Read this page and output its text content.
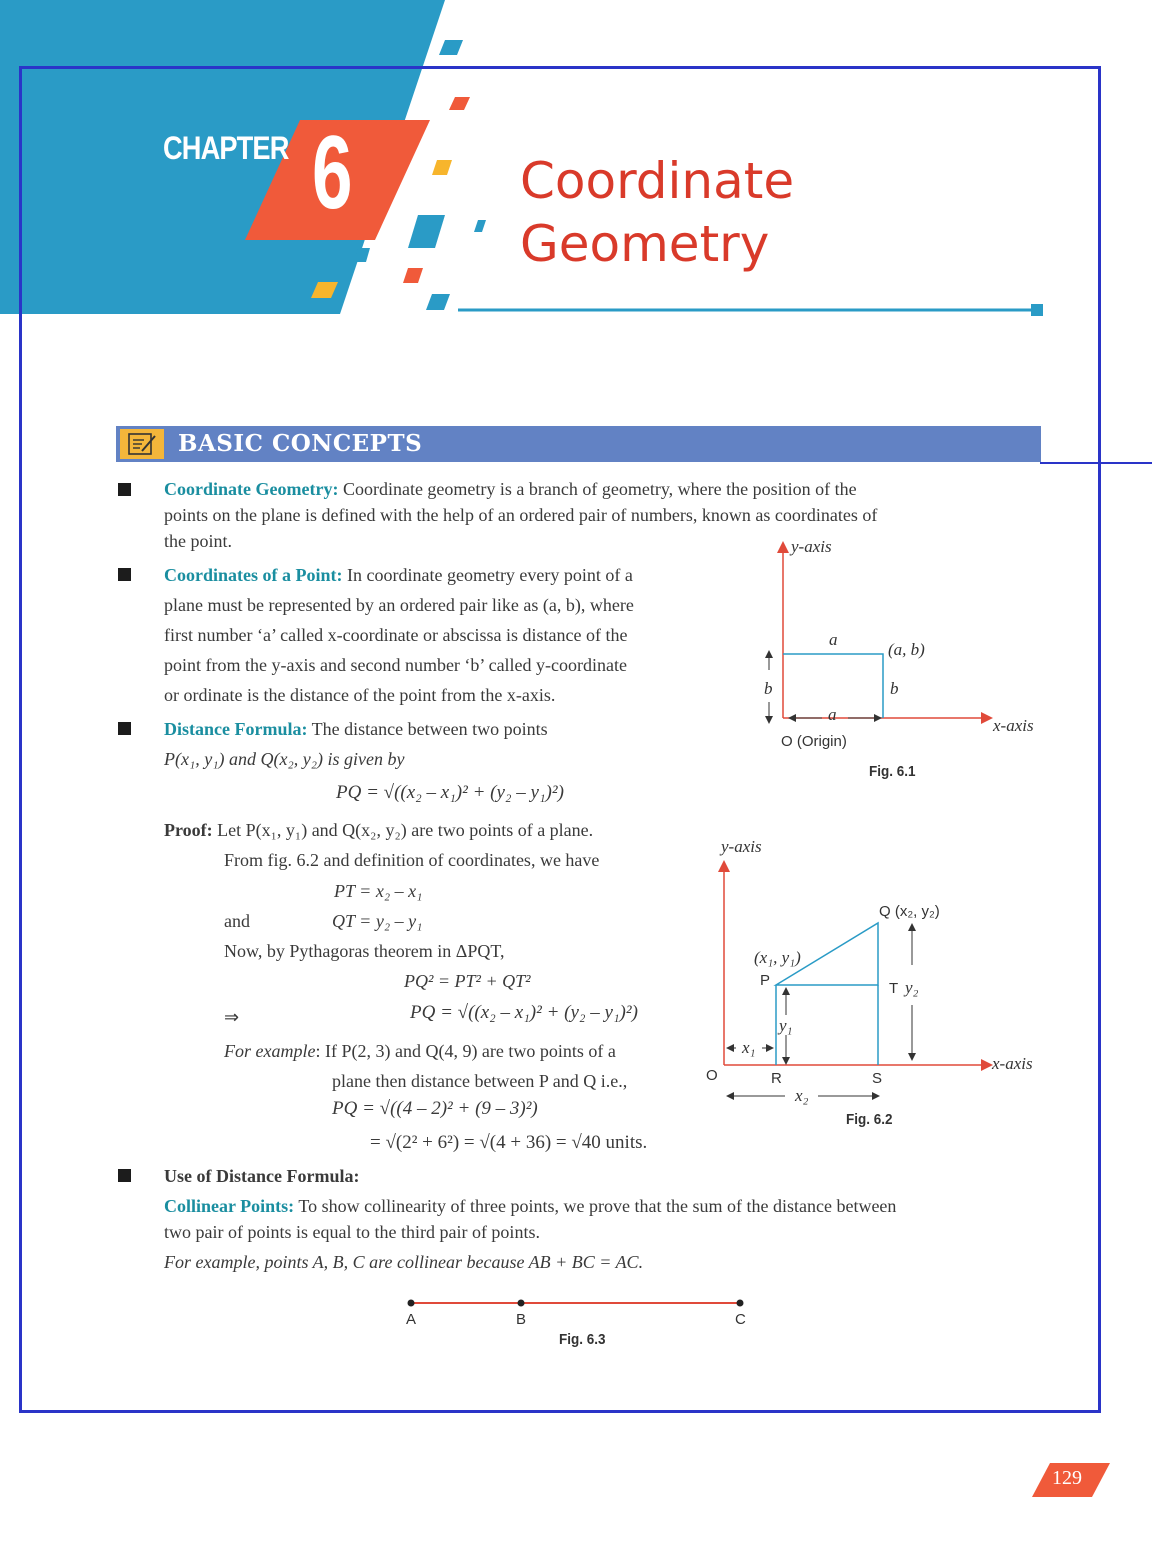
CHAPTER 6	Coordinate
Geometry
BASIC CONCEPTS
Coordinate Geometry: Coordinate geometry is a branch of geometry, where the position of the
points on the plane is defined with the help of an ordered pair of numbers, known as coordinates of
the point.
Coordinates of a Point: In coordinate geometry every point of a
plane must be represented by an ordered pair like as (a, b), where
first number ‘a’ called x-coordinate or abscissa is distance of the
point from the y-axis and second number ‘b’ called y-coordinate
or ordinate is the distance of the point from the x-axis.
Distance Formula: The distance between two points
P(x₁, y₁) and Q(x₂, y₂) is given by
PQ = √((x₂ – x₁)² + (y₂ – y₁)²)
Proof: Let P(x₁, y₁) and Q(x₂, y₂) are two points of a plane.
From fig. 6.2 and definition of coordinates, we have
PT = x₂ – x₁
and	QT = y₂ – y₁
Now, by Pythagoras theorem in ΔPQT,
PQ² = PT² + QT²
⇒	PQ = √((x₂ – x₁)² + (y₂ – y₁)²)
For example: If P(2, 3) and Q(4, 9) are two points of a
plane then distance between P and Q i.e.,
PQ = √((4 – 2)² + (9 – 3)²)
= √(2² + 6²) = √(4 + 36) = √40 units.
Use of Distance Formula:
Collinear Points: To show collinearity of three points, we prove that the sum of the distance between
two pair of points is equal to the third pair of points.
For example, points A, B, C are collinear because AB + BC = AC.
y-axis
x-axis
O (Origin)
(a, b)
a
a
b	b
Fig. 6.1
y-axis
x-axis
O
(x₁, y₁)
P
Q (x₂, y₂)
T y₂
y₁
x₁
R	S
x₂
Fig. 6.2
A	B	C
Fig. 6.3
129
